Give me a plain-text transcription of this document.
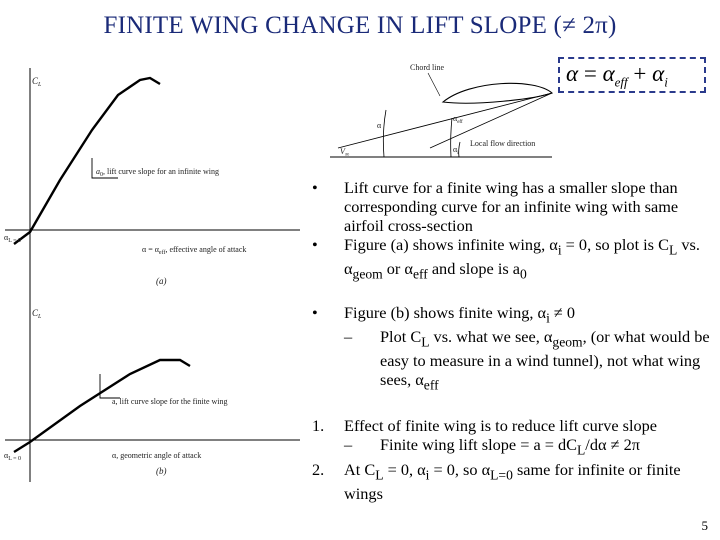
FINITE WING CHANGE IN LIFT SLOPE (≠ 2π)
$\alpha = \alpha_{eff} + \alpha_i$
$C_L$
$\alpha_{L = 0}$
$a_0$, lift curve slope for an infinite wing
$\alpha = \alpha_{eff}$, effective angle of attack
(a)
$C_L$
$\alpha_{L = 0}$
a, lift curve slope for the finite wing
α, geometric angle of attack
(b)
Chord line
Local flow direction
$V_\infty$
α
$\alpha_{eff}$
$\alpha_i$
• Lift curve for a finite wing has a smaller slope than corresponding curve for an infinite wing with same airfoil cross-section
• Figure (a) shows infinite wing, $\alpha_i = 0$, so plot is $C_L$ vs. $\alpha_{geom}$ or $\alpha_{eff}$ and slope is $a_0$
• Figure (b) shows finite wing, $\alpha_i \ne 0$
– Plot $C_L$ vs. what we see, $\alpha_{geom}$, (or what would be easy to measure in a wind tunnel), not what wing sees, $\alpha_{eff}$
1. Effect of finite wing is to reduce lift curve slope
– Finite wing lift slope = $a = dC_L/d\alpha \ne 2\pi$
2. At $C_L = 0$, $\alpha_i = 0$, so $\alpha_{L=0}$ same for infinite or finite wings
5
